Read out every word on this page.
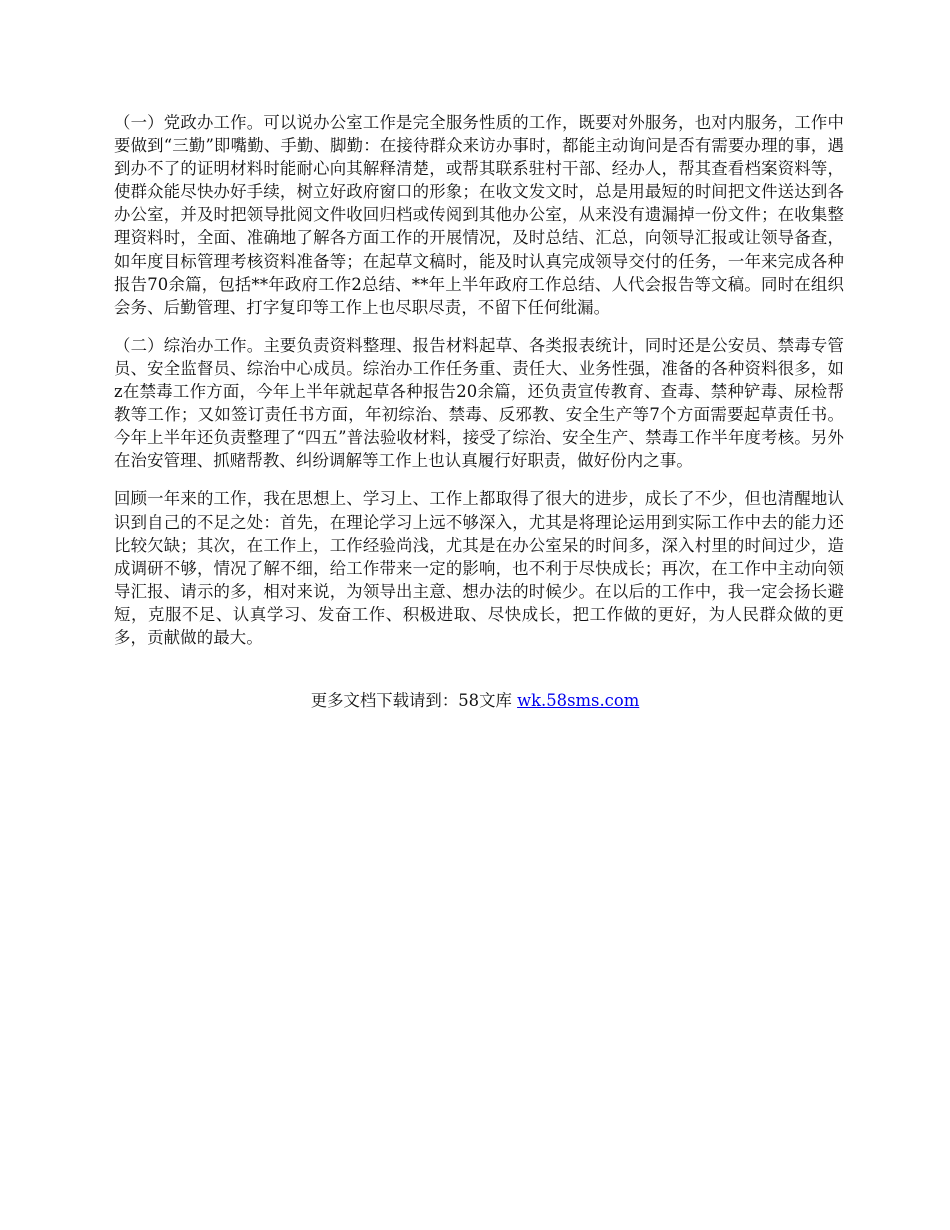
（一）党政办工作。可以说办公室工作是完全服务性质的工作，既要对外服务，也对内服务，工作中要做到“三勤”即嘴勤、手勤、脚勤：在接待群众来访办事时，都能主动询问是否有需要办理的事，遇到办不了的证明材料时能耐心向其解释清楚，或帮其联系驻村干部、经办人，帮其查看档案资料等，使群众能尽快办好手续，树立好政府窗口的形象；在收文发文时，总是用最短的时间把文件送达到各办公室，并及时把领导批阅文件收回归档或传阅到其他办公室，从来没有遗漏掉一份文件；在收集整理资料时，全面、准确地了解各方面工作的开展情况，及时总结、汇总，向领导汇报或让领导备查，如年度目标管理考核资料准备等；在起草文稿时，能及时认真完成领导交付的任务，一年来完成各种报告70余篇，包括**年政府工作2总结、**年上半年政府工作总结、人代会报告等文稿。同时在组织会务、后勤管理、打字复印等工作上也尽职尽责，不留下任何纰漏。

（二）综治办工作。主要负责资料整理、报告材料起草、各类报表统计，同时还是公安员、禁毒专管员、安全监督员、综治中心成员。综治办工作任务重、责任大、业务性强，准备的各种资料很多，如z在禁毒工作方面，今年上半年就起草各种报告20余篇，还负责宣传教育、查毒、禁种铲毒、尿检帮教等工作；又如签订责任书方面，年初综治、禁毒、反邪教、安全生产等7个方面需要起草责任书。今年上半年还负责整理了“四五”普法验收材料，接受了综治、安全生产、禁毒工作半年度考核。另外在治安管理、抓赌帮教、纠纷调解等工作上也认真履行好职责，做好份内之事。

回顾一年来的工作，我在思想上、学习上、工作上都取得了很大的进步，成长了不少，但也清醒地认识到自己的不足之处：首先，在理论学习上远不够深入，尤其是将理论运用到实际工作中去的能力还比较欠缺；其次，在工作上，工作经验尚浅，尤其是在办公室呆的时间多，深入村里的时间过少，造成调研不够，情况了解不细，给工作带来一定的影响，也不利于尽快成长；再次，在工作中主动向领导汇报、请示的多，相对来说，为领导出主意、想办法的时候少。在以后的工作中，我一定会扬长避短，克服不足、认真学习、发奋工作、积极进取、尽快成长，把工作做的更好，为人民群众做的更多，贡献做的最大。

更多文档下载请到：58文库 wk.58sms.com
